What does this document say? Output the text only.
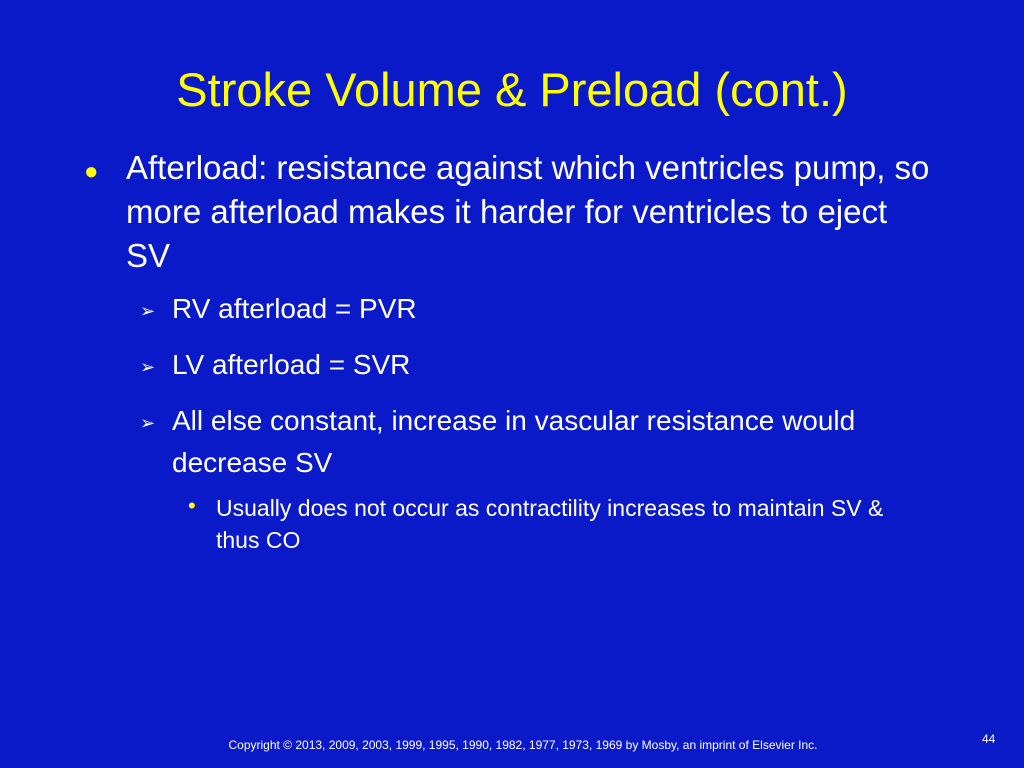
Stroke Volume & Preload (cont.)
● Afterload: resistance against which ventricles pump, so more afterload makes it harder for ventricles to eject SV
➢ RV afterload = PVR
➢ LV afterload = SVR
➢ All else constant, increase in vascular resistance would decrease SV
• Usually does not occur as contractility increases to maintain SV & thus CO
Copyright © 2013, 2009, 2003, 1999, 1995, 1990, 1982, 1977, 1973, 1969 by Mosby, an imprint of Elsevier Inc.	44
